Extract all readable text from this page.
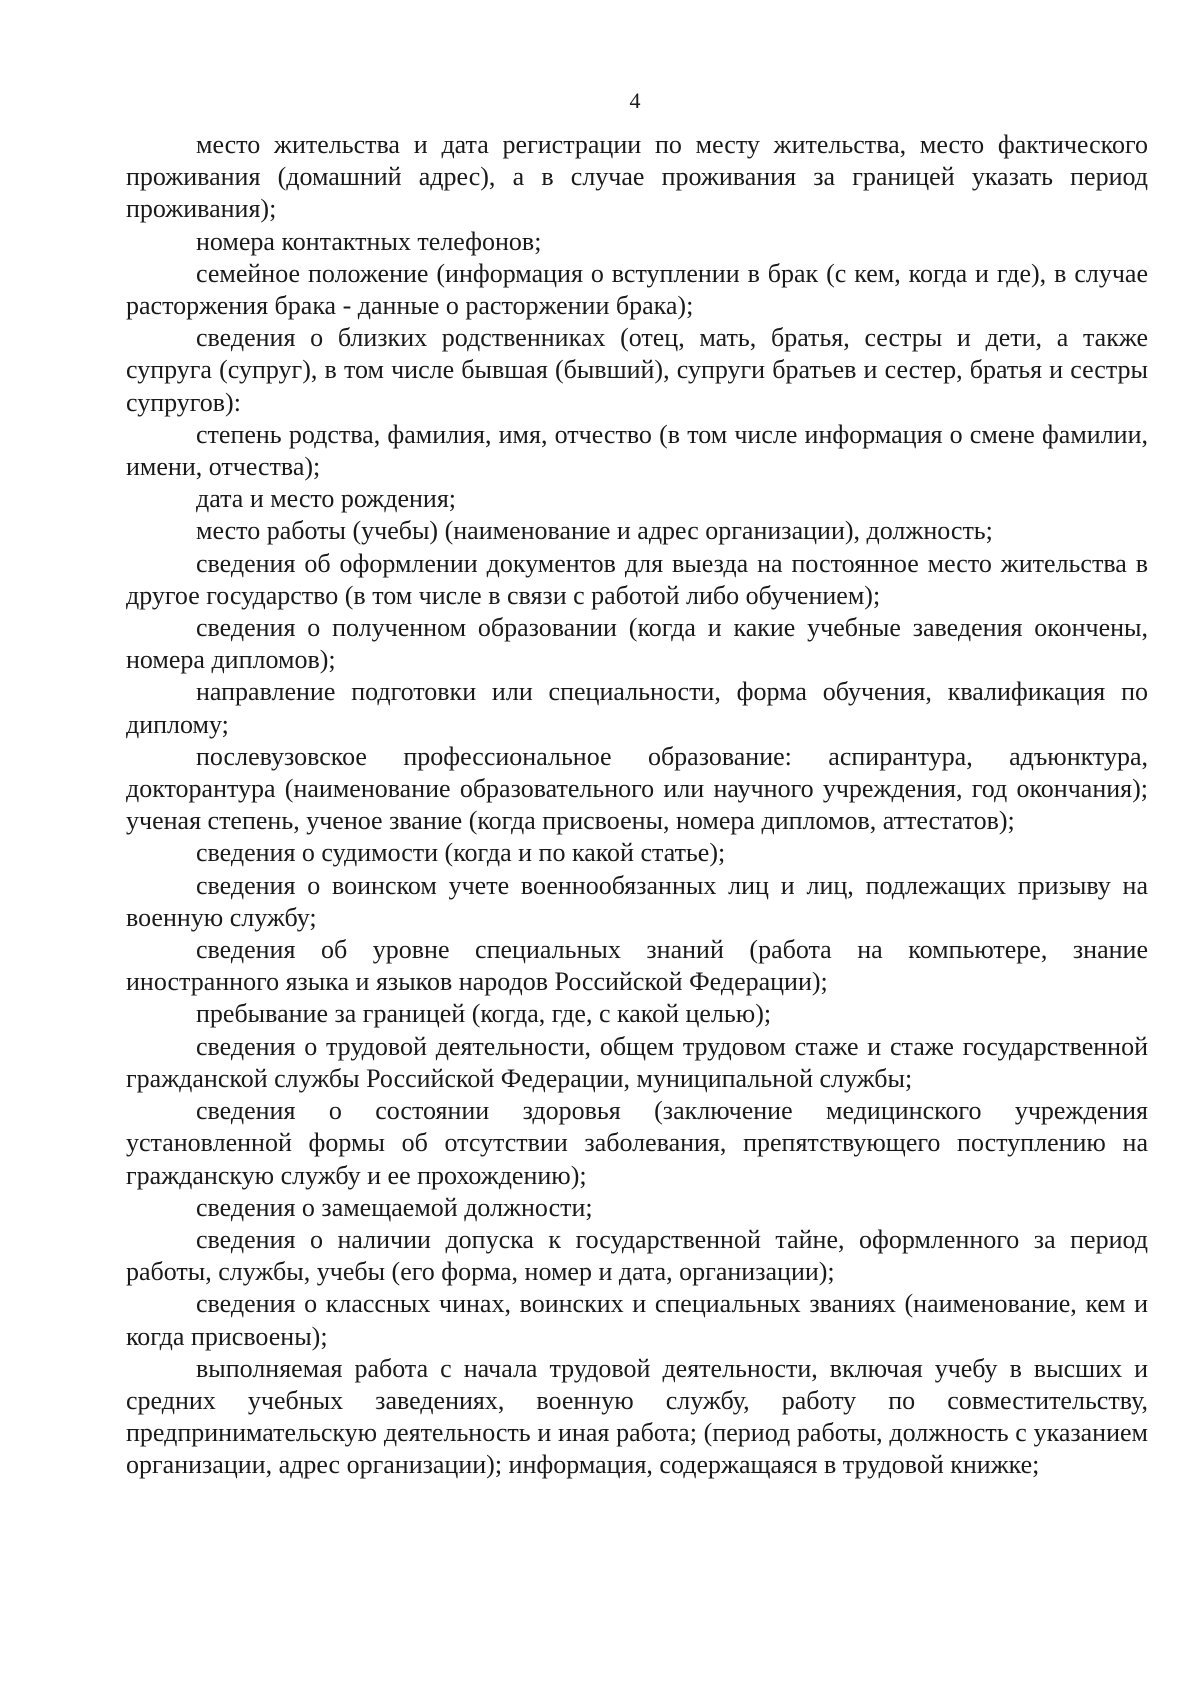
4

место жительства и дата регистрации по месту жительства, место фактического проживания (домашний адрес), а в случае проживания за границей указать период проживания);

номера контактных телефонов;

семейное положение (информация о вступлении в брак (с кем, когда и где), в случае расторжения брака - данные о расторжении брака);

сведения о близких родственниках (отец, мать, братья, сестры и дети, а также супруга (супруг), в том числе бывшая (бывший), супруги братьев и сестер, братья и сестры супругов):

степень родства, фамилия, имя, отчество (в том числе информация о смене фамилии, имени, отчества);

дата и место рождения;

место работы (учебы) (наименование и адрес организации), должность;

сведения об оформлении документов для выезда на постоянное место жительства в другое государство (в том числе в связи с работой либо обучением);

сведения о полученном образовании (когда и какие учебные заведения окончены, номера дипломов);

направление подготовки или специальности, форма обучения, квалификация по диплому;

послевузовское профессиональное образование: аспирантура, адъюнктура, докторантура (наименование образовательного или научного учреждения, год окончания); ученая степень, ученое звание (когда присвоены, номера дипломов, аттестатов);

сведения о судимости (когда и по какой статье);

сведения о воинском учете военнообязанных лиц и лиц, подлежащих призыву на военную службу;

сведения об уровне специальных знаний (работа на компьютере, знание иностранного языка и языков народов Российской Федерации);

пребывание за границей (когда, где, с какой целью);

сведения о трудовой деятельности, общем трудовом стаже и стаже государственной гражданской службы Российской Федерации, муниципальной службы;

сведения о состоянии здоровья (заключение медицинского учреждения установленной формы об отсутствии заболевания, препятствующего поступлению на гражданскую службу и ее прохождению);

сведения о замещаемой должности;

сведения о наличии допуска к государственной тайне, оформленного за период работы, службы, учебы (его форма, номер и дата, организации);

сведения о классных чинах, воинских и специальных званиях (наименование, кем и когда присвоены);

выполняемая работа с начала трудовой деятельности, включая учебу в высших и средних учебных заведениях, военную службу, работу по совместительству, предпринимательскую деятельность и иная работа; (период работы, должность с указанием организации, адрес организации); информация, содержащаяся в трудовой книжке;
